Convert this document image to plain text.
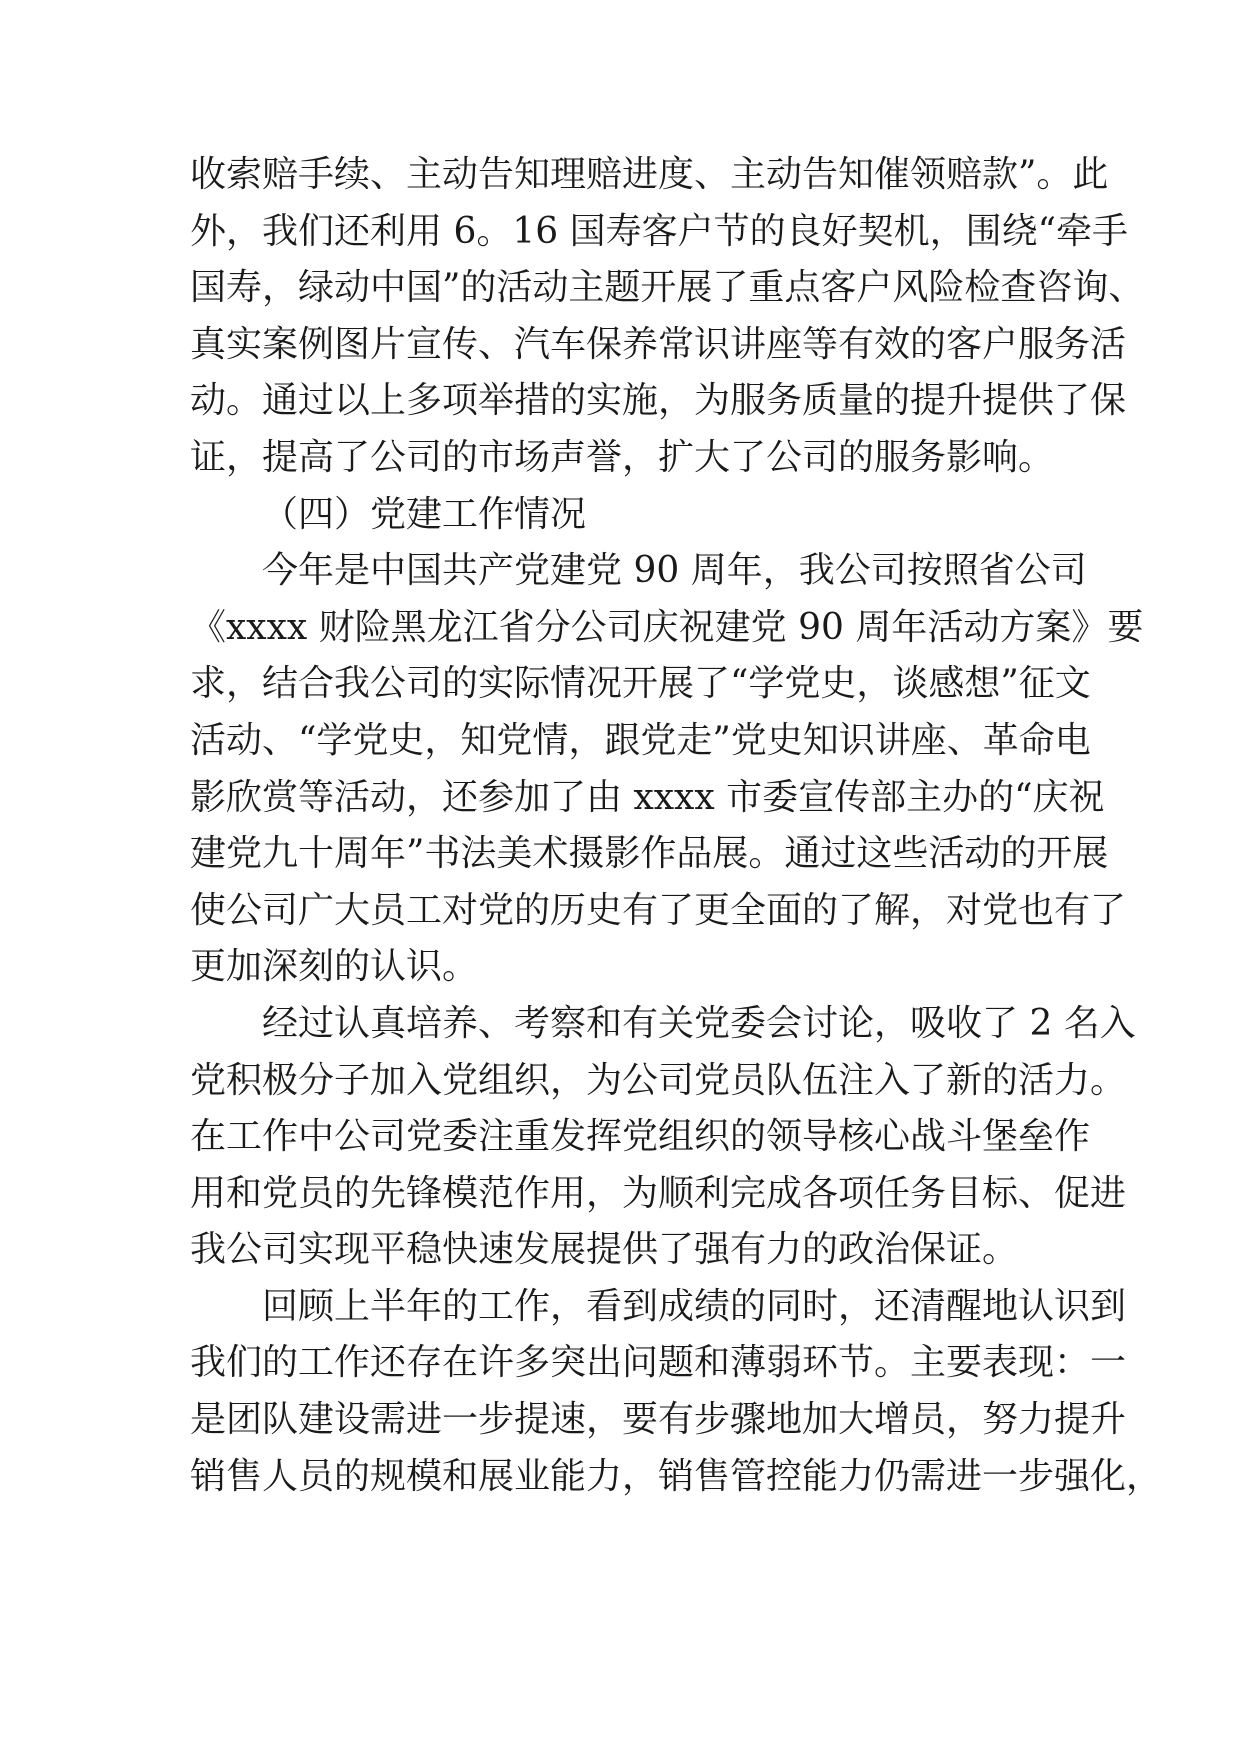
收索赔手续、主动告知理赔进度、主动告知催领赔款”。此
外，我们还利用 6。16 国寿客户节的良好契机，围绕“牵手
国寿，绿动中国”的活动主题开展了重点客户风险检查咨询、
真实案例图片宣传、汽车保养常识讲座等有效的客户服务活
动。通过以上多项举措的实施，为服务质量的提升提供了保
证，提高了公司的市场声誉，扩大了公司的服务影响。
（四）党建工作情况
今年是中国共产党建党 90 周年，我公司按照省公司
《xxxx 财险黑龙江省分公司庆祝建党 90 周年活动方案》要
求，结合我公司的实际情况开展了“学党史，谈感想”征文
活动、“学党史，知党情，跟党走”党史知识讲座、革命电
影欣赏等活动，还参加了由 xxxx 市委宣传部主办的“庆祝
建党九十周年”书法美术摄影作品展。通过这些活动的开展
使公司广大员工对党的历史有了更全面的了解，对党也有了
更加深刻的认识。
经过认真培养、考察和有关党委会讨论，吸收了 2 名入
党积极分子加入党组织，为公司党员队伍注入了新的活力。
在工作中公司党委注重发挥党组织的领导核心战斗堡垒作
用和党员的先锋模范作用，为顺利完成各项任务目标、促进
我公司实现平稳快速发展提供了强有力的政治保证。
回顾上半年的工作，看到成绩的同时，还清醒地认识到
我们的工作还存在许多突出问题和薄弱环节。主要表现：一
是团队建设需进一步提速，要有步骤地加大增员，努力提升
销售人员的规模和展业能力，销售管控能力仍需进一步强化，
